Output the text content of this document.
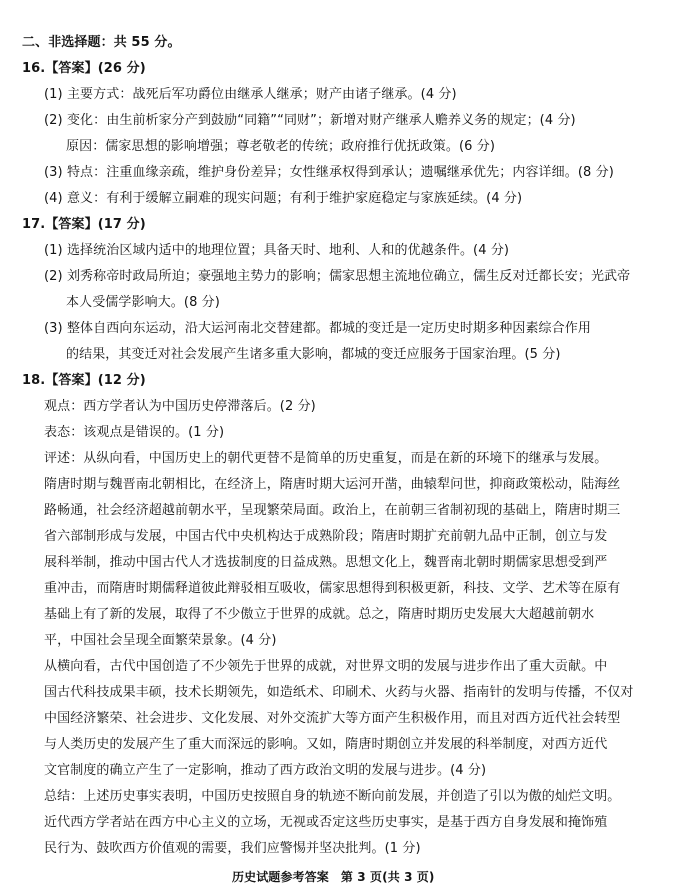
二、非选择题：共 55 分。
16.【答案】(26 分)
(1) 主要方式：战死后军功爵位由继承人继承；财产由诸子继承。(4 分)
(2) 变化：由生前析家分产到鼓励“同籍”“同财”；新增对财产继承人赡养义务的规定；(4 分)
原因：儒家思想的影响增强；尊老敬老的传统；政府推行优抚政策。(6 分)
(3) 特点：注重血缘亲疏，维护身份差异；女性继承权得到承认；遗嘱继承优先；内容详细。(8 分)
(4) 意义：有利于缓解立嗣难的现实问题；有利于维护家庭稳定与家族延续。(4 分)
17.【答案】(17 分)
(1) 选择统治区域内适中的地理位置；具备天时、地利、人和的优越条件。(4 分)
(2) 刘秀称帝时政局所迫；豪强地主势力的影响；儒家思想主流地位确立，儒生反对迁都长安；光武帝
本人受儒学影响大。(8 分)
(3) 整体自西向东运动，沿大运河南北交替建都。都城的变迁是一定历史时期多种因素综合作用
的结果，其变迁对社会发展产生诸多重大影响，都城的变迁应服务于国家治理。(5 分)
18.【答案】(12 分)
观点：西方学者认为中国历史停滞落后。(2 分)
表态：该观点是错误的。(1 分)
评述：从纵向看，中国历史上的朝代更替不是简单的历史重复，而是在新的环境下的继承与发展。
隋唐时期与魏晋南北朝相比，在经济上，隋唐时期大运河开凿，曲辕犁问世，抑商政策松动，陆海丝
路畅通，社会经济超越前朝水平，呈现繁荣局面。政治上，在前朝三省制初现的基础上，隋唐时期三
省六部制形成与发展，中国古代中央机构达于成熟阶段；隋唐时期扩充前朝九品中正制，创立与发
展科举制，推动中国古代人才选拔制度的日益成熟。思想文化上，魏晋南北朝时期儒家思想受到严
重冲击，而隋唐时期儒释道彼此辩驳相互吸收，儒家思想得到积极更新，科技、文学、艺术等在原有
基础上有了新的发展，取得了不少傲立于世界的成就。总之，隋唐时期历史发展大大超越前朝水
平，中国社会呈现全面繁荣景象。(4 分)
从横向看，古代中国创造了不少领先于世界的成就，对世界文明的发展与进步作出了重大贡献。中
国古代科技成果丰硕，技术长期领先，如造纸术、印刷术、火药与火器、指南针的发明与传播，不仅对
中国经济繁荣、社会进步、文化发展、对外交流扩大等方面产生积极作用，而且对西方近代社会转型
与人类历史的发展产生了重大而深远的影响。又如，隋唐时期创立并发展的科举制度，对西方近代
文官制度的确立产生了一定影响，推动了西方政治文明的发展与进步。(4 分)
总结：上述历史事实表明，中国历史按照自身的轨迹不断向前发展，并创造了引以为傲的灿烂文明。
近代西方学者站在西方中心主义的立场，无视或否定这些历史事实，是基于西方自身发展和掩饰殖
民行为、鼓吹西方价值观的需要，我们应警惕并坚决批判。(1 分)
历史试题参考答案　第 3 页(共 3 页)
